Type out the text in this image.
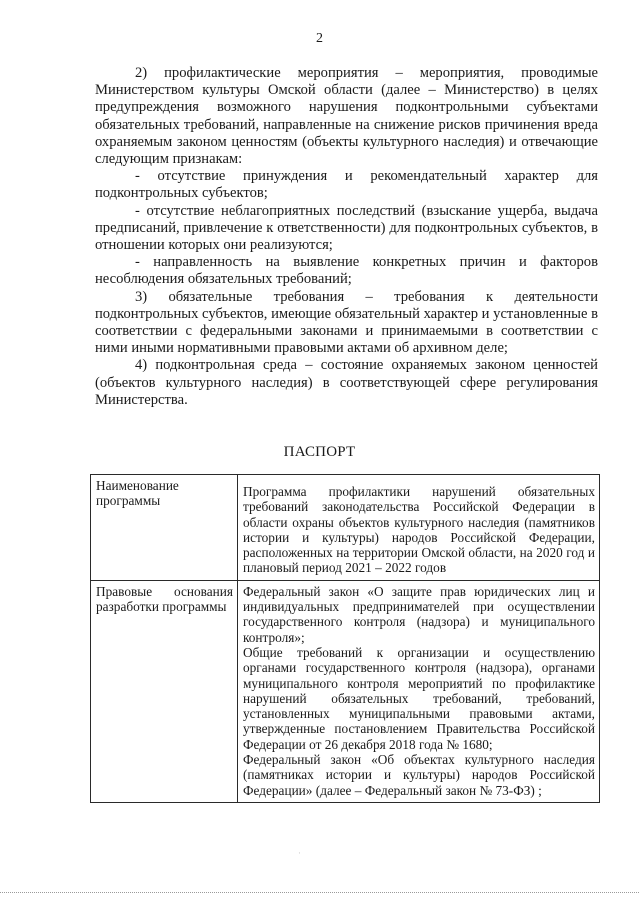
2

2) профилактические мероприятия – мероприятия, проводимые Министерством культуры Омской области (далее – Министерство) в целях предупреждения возможного нарушения подконтрольными субъектами обязательных требований, направленные на снижение рисков причинения вреда охраняемым законом ценностям (объекты культурного наследия) и отвечающие следующим признакам:

- отсутствие принуждения и рекомендательный характер для подконтрольных субъектов;

- отсутствие неблагоприятных последствий (взыскание ущерба, выдача предписаний, привлечение к ответственности) для подконтрольных субъектов, в отношении которых они реализуются;

- направленность на выявление конкретных причин и факторов несоблюдения обязательных требований;

3) обязательные требования – требования к деятельности подконтрольных субъектов, имеющие обязательный характер и установленные в соответствии с федеральными законами и принимаемыми в соответствии с ними иными нормативными правовыми актами об архивном деле;

4) подконтрольная среда – состояние охраняемых законом ценностей (объектов культурного наследия) в соответствующей сфере регулирования Министерства.

ПАСПОРТ
Наименование программы	Программа профилактики нарушений обязательных требований законодательства Российской Федерации в области охраны объектов культурного наследия (памятников истории и культуры) народов Российской Федерации, расположенных на территории Омской области, на 2020 год и плановый период 2021 – 2022 годов

Правовые основания разработки программы	Федеральный закон «О защите прав юридических лиц и индивидуальных предпринимателей при осуществлении государственного контроля (надзора) и муниципального контроля»;
Общие требований к организации и осуществлению органами государственного контроля (надзора), органами муниципального контроля мероприятий по профилактике нарушений обязательных требований, требований, установленных муниципальными правовыми актами, утвержденные постановлением Правительства Российской Федерации от 26 декабря 2018 года № 1680;
Федеральный закон «Об объектах культурного наследия (памятниках истории и культуры) народов Российской Федерации» (далее – Федеральный закон № 73-ФЗ) ;
·
